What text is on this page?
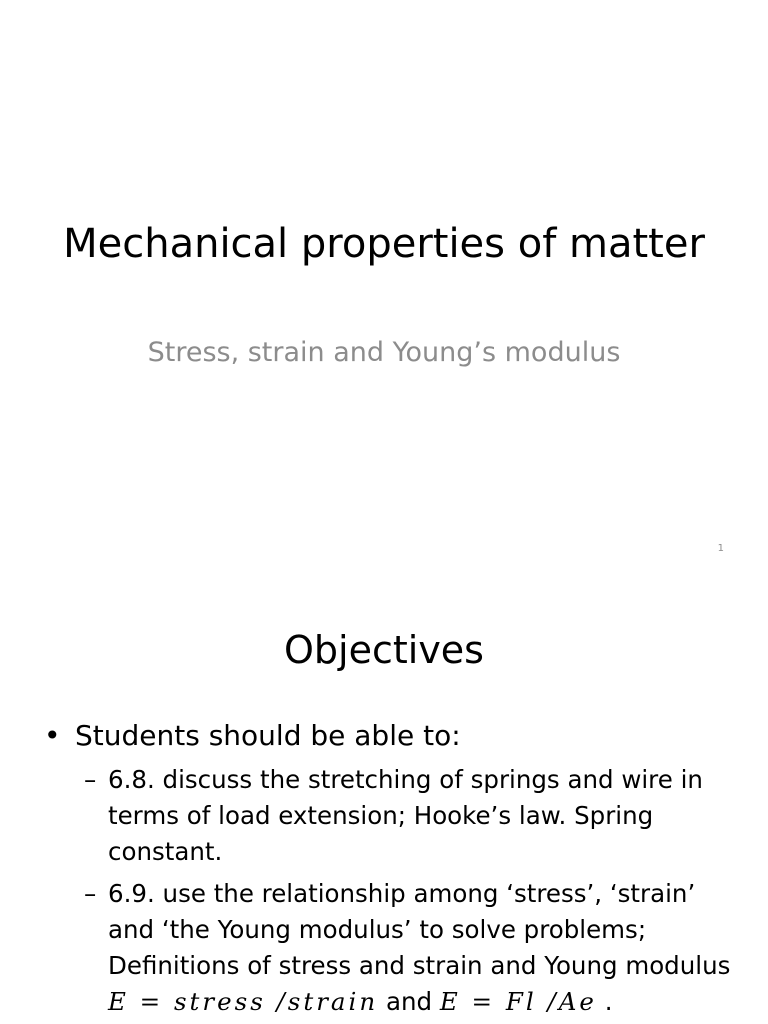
Mechanical properties of matter
Stress, strain and Young’s modulus
1
Objectives
• Students should be able to:
– 6.8. discuss the stretching of springs and wire in terms of load extension; Hooke’s law. Spring constant.
– 6.9. use the relationship among ‘stress’, ‘strain’ and ‘the Young modulus’ to solve problems; Definitions of stress and strain and Young modulus
E = stress /strain and E = Fl /Ae .
